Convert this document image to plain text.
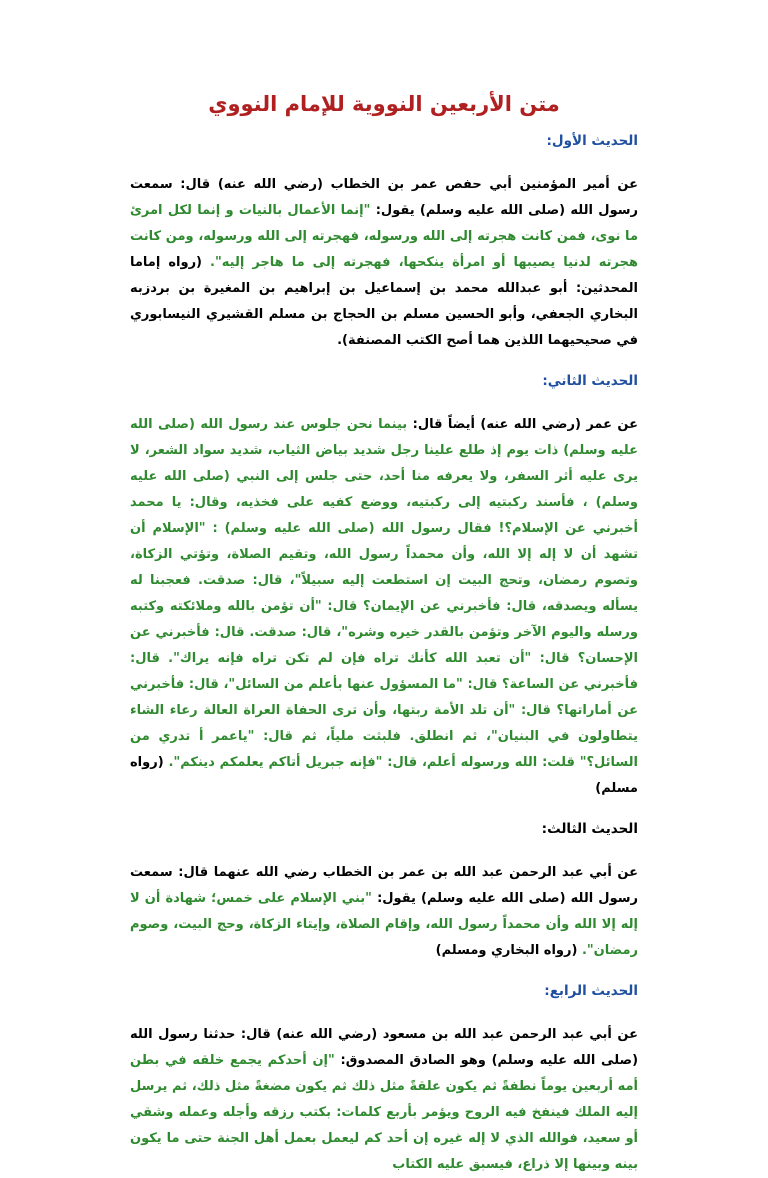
متن الأربعين النووية للإمام النووي
الحديث الأول:
عن أمير المؤمنين أبي حفص عمر بن الخطاب (رضي الله عنه) قال: سمعت رسول الله (صلى الله عليه وسلم) يقول: "إنما الأعمال بالنيات و إنما لكل امرئ ما نوى، فمن كانت هجرته إلى الله ورسوله، فهجرته إلى الله ورسوله، ومن كانت هجرته لدنيا يصيبها أو امرأة ينكحها، فهجرته إلى ما هاجر إليه". (رواه إماما المحدثين: أبو عبدالله محمد بن إسماعيل بن إبراهيم بن المغيرة بن بردزبه البخاري الجعفي، وأبو الحسين مسلم بن الحجاج بن مسلم القشيري النيسابوري في صحيحيهما اللذين هما أصح الكتب المصنفة).
الحديث الثاني:
عن عمر (رضي الله عنه) أيضاً قال: بينما نحن جلوس عند رسول الله (صلى الله عليه وسلم) ذات يوم إذ طلع علينا رجل شديد بياض الثياب، شديد سواد الشعر، لا يرى عليه أثر السفر، ولا يعرفه منا أحد، حتى جلس إلى النبي (صلى الله عليه وسلم) ، فأسند ركبتيه إلى ركبتيه، ووضع كفيه على فخذيه، وقال: يا محمد أخبرني عن الإسلام؟! فقال رسول الله (صلى الله عليه وسلم) : "الإسلام أن تشهد أن لا إله إلا الله، وأن محمداً رسول الله، وتقيم الصلاة، وتؤتي الزكاة، وتصوم رمضان، وتحج البيت إن استطعت إليه سبيلاً"، قال: صدقت. فعجبنا له يسأله ويصدقه، قال: فأخبرني عن الإيمان؟ قال: "أن تؤمن بالله وملائكته وكتبه ورسله واليوم الآخر وتؤمن بالقدر خيره وشره"، قال: صدقت. قال: فأخبرني عن الإحسان؟ قال: "أن تعبد الله كأنك تراه فإن لم تكن تراه فإنه يراك". قال: فأخبرني عن الساعة؟ قال: "ما المسؤول عنها بأعلم من السائل"، قال: فأخبرني عن أماراتها؟ قال: "أن تلد الأمة ربتها، وأن ترى الحفاة العراة العالة رعاء الشاء يتطاولون في البنيان"، ثم انطلق. فلبثت ملياً، ثم قال: "ياعمر أ تدري من السائل؟" قلت: الله ورسوله أعلم، قال: "فإنه جبريل أتاكم يعلمكم دينكم". (رواه مسلم)
الحديث الثالث:
عن أبي عبد الرحمن عبد الله بن عمر بن الخطاب رضي الله عنهما قال: سمعت رسول الله (صلى الله عليه وسلم) يقول: "بني الإسلام على خمس؛ شهادة أن لا إله إلا الله وأن محمداً رسول الله، وإقام الصلاة، وإيتاء الزكاة، وحج البيت، وصوم رمضان". (رواه البخاري ومسلم)
الحديث الرابع:
عن أبي عبد الرحمن عبد الله بن مسعود (رضي الله عنه) قال: حدثنا رسول الله (صلى الله عليه وسلم) وهو الصادق المصدوق: "إن أحدكم يجمع خلقه في بطن أمه أربعين يوماً نطفةً ثم يكون علقةً مثل ذلك ثم يكون مضغةً مثل ذلك، ثم يرسل إليه الملك فينفخ فيه الروح ويؤمر بأربع كلمات: بكتب رزقه وأجله وعمله وشقي أو سعيد، فوالله الذي لا إله غيره إن أحد كم ليعمل بعمل أهل الجنة حتى ما يكون بينه وبينها إلا ذراع، فيسبق عليه الكتاب
